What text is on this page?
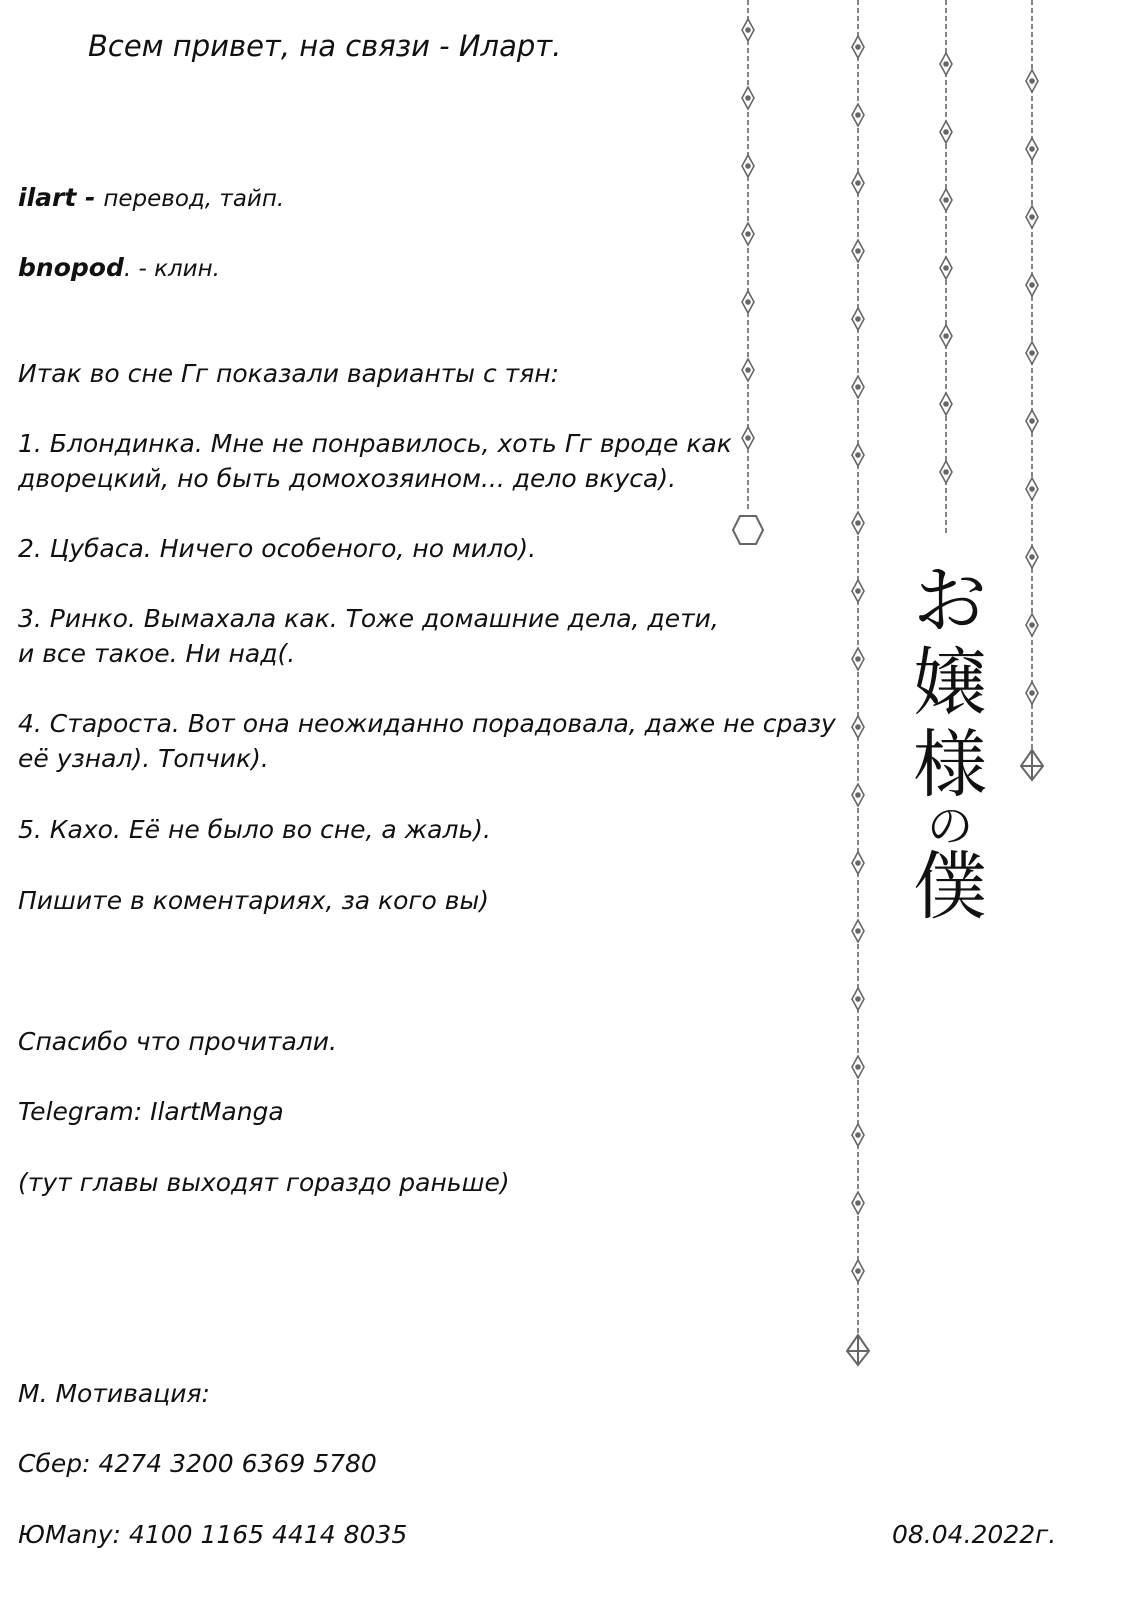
お
嬢
様
の
僕

Всем привет, на связи - Иларт.

ilart - перевод, тайп.

bnopod. - клин.

Итак во сне Гг показали варианты с тян:

1. Блондинка. Мне не понравилось, хоть Гг вроде как

дворецкий, но быть домохозяином... дело вкуса).

2. Цубаса. Ничего особеного, но мило).

3. Ринко. Вымахала как. Тоже домашние дела, дети,

и все такое. Ни над(.

4. Староста. Вот она неожиданно порадовала, даже не сразу

её узнал). Топчик).

5. Кахо. Её не было во сне, а жаль).

Пишите в коментариях, за кого вы)

Спасибо что прочитали.

Telegram: IlartManga

(тут главы выходят гораздо раньше)

М. Мотивация:

Сбер: 4274 3200 6369 5780

ЮMany: 4100 1165 4414 8035	08.04.2022г.
